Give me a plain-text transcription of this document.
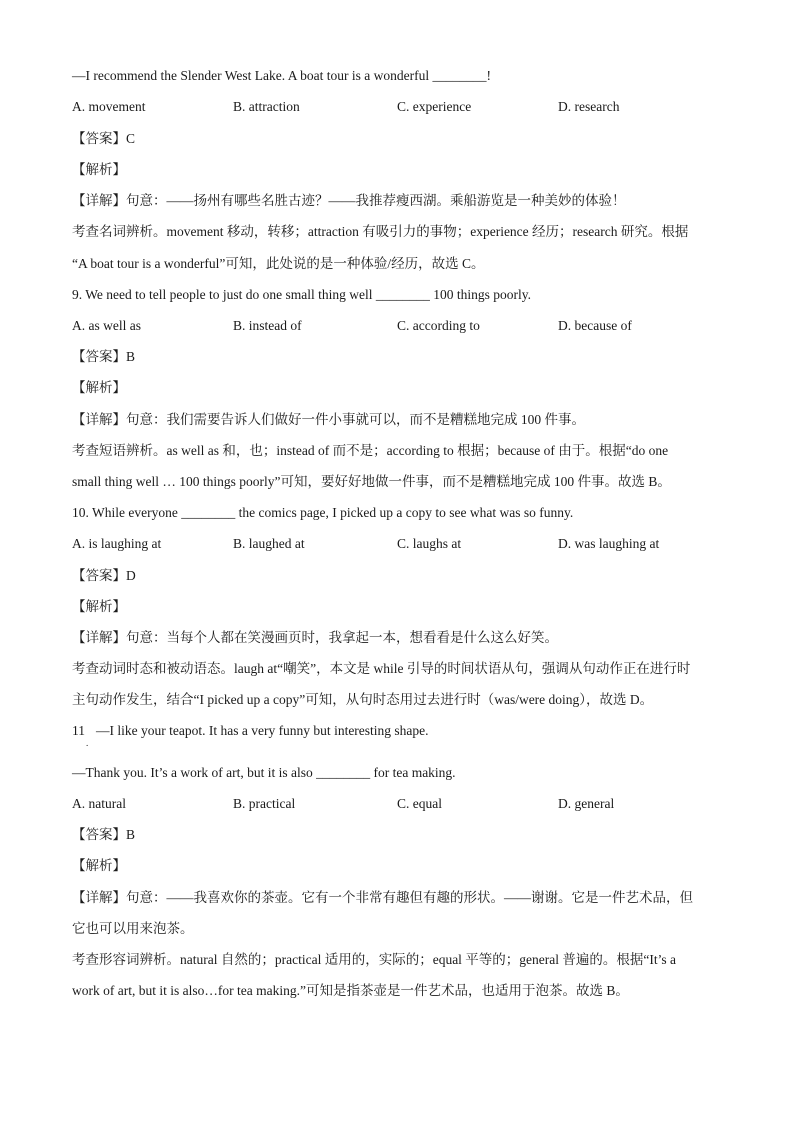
—I recommend the Slender West Lake. A boat tour is a wonderful ________!
A. movement	B. attraction	C. experience	D. research
【答案】C
【解析】
【详解】句意：——扬州有哪些名胜古迹？——我推荐瘦西湖。乘船游览是一种美妙的体验！
考查名词辨析。movement 移动，转移；attraction 有吸引力的事物；experience 经历；research 研究。根据
“A boat tour is a wonderful”可知，此处说的是一种体验/经历，故选 C。
9. We need to tell people to just do one small thing well ________ 100 things poorly.
A. as well as	B. instead of	C. according to	D. because of
【答案】B
【解析】
【详解】句意：我们需要告诉人们做好一件小事就可以，而不是糟糕地完成 100 件事。
考查短语辨析。as well as 和，也；instead of 而不是；according to 根据；because of 由于。根据“do one
small thing well … 100 things poorly”可知，要好好地做一件事，而不是糟糕地完成 100 件事。故选 B。
10. While everyone ________ the comics page, I picked up a copy to see what was so funny.
A. is laughing at	B. laughed at	C. laughs at	D. was laughing at
【答案】D
【解析】
【详解】句意：当每个人都在笑漫画页时，我拿起一本，想看看是什么这么好笑。
考查动词时态和被动语态。laugh at“嘲笑”，本文是 while 引导的时间状语从句，强调从句动作正在进行时
主句动作发生，结合“I picked up a copy”可知，从句时态用过去进行时（was/were doing），故选 D。
11
.
—I like your teapot. It has a very funny but interesting shape.
—Thank you. It’s a work of art, but it is also ________ for tea making.
A. natural	B. practical	C. equal	D. general
【答案】B
【解析】
【详解】句意：——我喜欢你的茶壶。它有一个非常有趣但有趣的形状。——谢谢。它是一件艺术品，但
它也可以用来泡茶。
考查形容词辨析。natural 自然的；practical 适用的，实际的；equal 平等的；general 普遍的。根据“It’s a
work of art, but it is also…for tea making.”可知是指茶壶是一件艺术品，也适用于泡茶。故选 B。
